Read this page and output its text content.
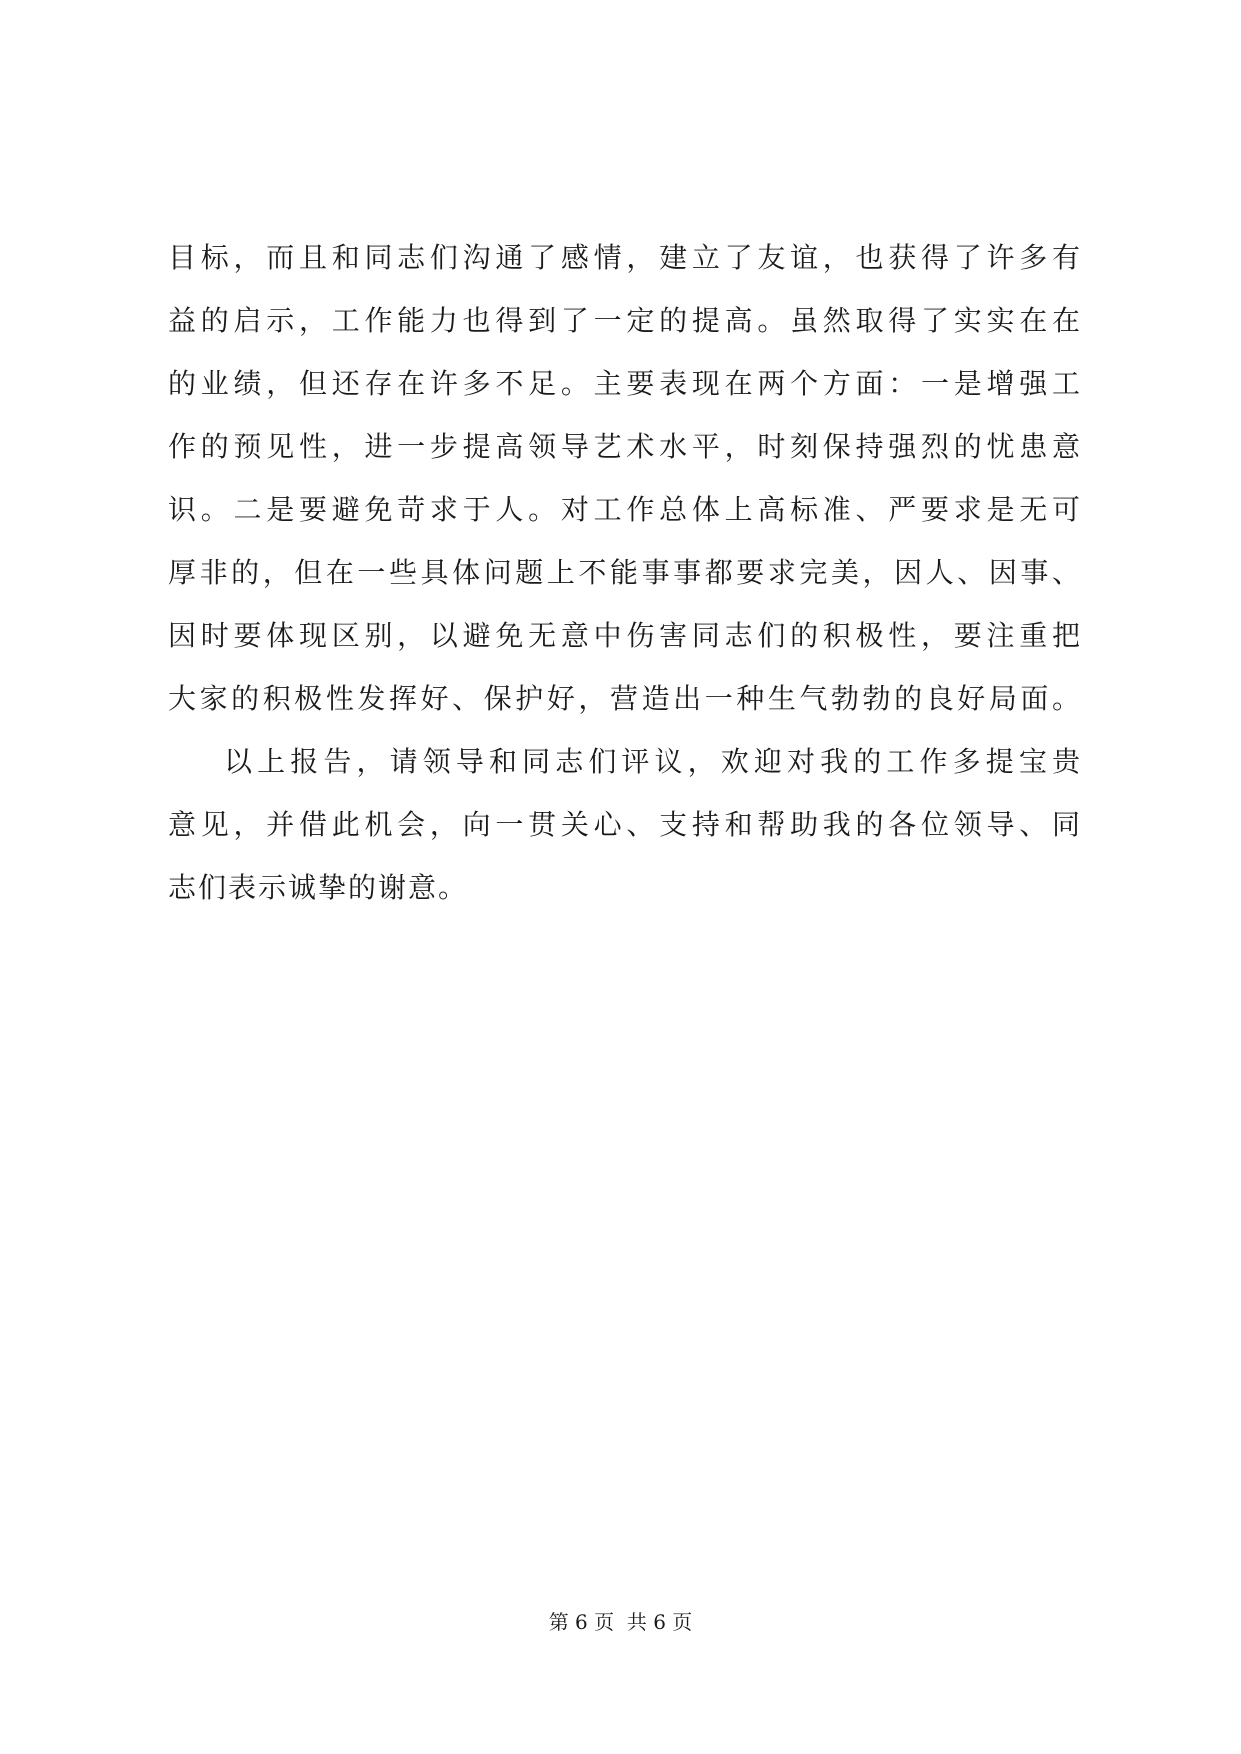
目标，而且和同志们沟通了感情，建立了友谊，也获得了许多有
益的启示，工作能力也得到了一定的提高。虽然取得了实实在在
的业绩，但还存在许多不足。主要表现在两个方面：一是增强工
作的预见性，进一步提高领导艺术水平，时刻保持强烈的忧患意
识。二是要避免苛求于人。对工作总体上高标准、严要求是无可
厚非的，但在一些具体问题上不能事事都要求完美，因人、因事、
因时要体现区别，以避免无意中伤害同志们的积极性，要注重把
大家的积极性发挥好、保护好，营造出一种生气勃勃的良好局面。
以上报告，请领导和同志们评议，欢迎对我的工作多提宝贵
意见，并借此机会，向一贯关心、支持和帮助我的各位领导、同
志们表示诚挚的谢意。
第 6 页 共 6 页
